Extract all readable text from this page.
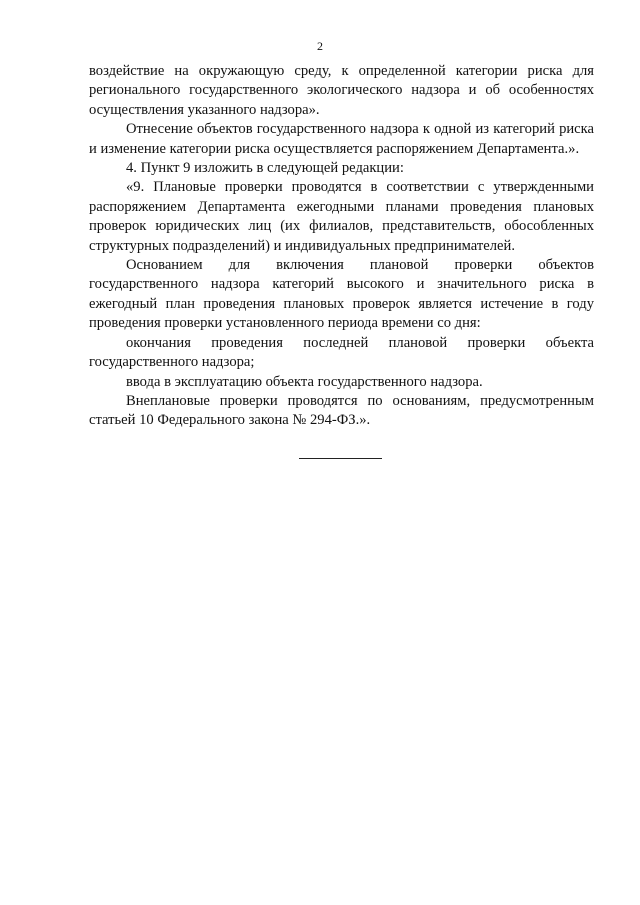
2

воздействие на окружающую среду, к определенной категории риска для регионального государственного экологического надзора и об особенностях осуществления указанного надзора».

Отнесение объектов государственного надзора к одной из категорий риска и изменение категории риска осуществляется распоряжением Департамента.».

4. Пункт 9 изложить в следующей редакции:

«9. Плановые проверки проводятся в соответствии с утвержденными распоряжением Департамента ежегодными планами проведения плановых проверок юридических лиц (их филиалов, представительств, обособленных структурных подразделений) и индивидуальных предпринимателей.

Основанием для включения плановой проверки объектов государственного надзора категорий высокого и значительного риска в ежегодный план проведения плановых проверок является истечение в году проведения проверки установленного периода времени со дня:

окончания проведения последней плановой проверки объекта государственного надзора;

ввода в эксплуатацию объекта государственного надзора.

Внеплановые проверки проводятся по основаниям, предусмотренным статьей 10 Федерального закона № 294-ФЗ.».
